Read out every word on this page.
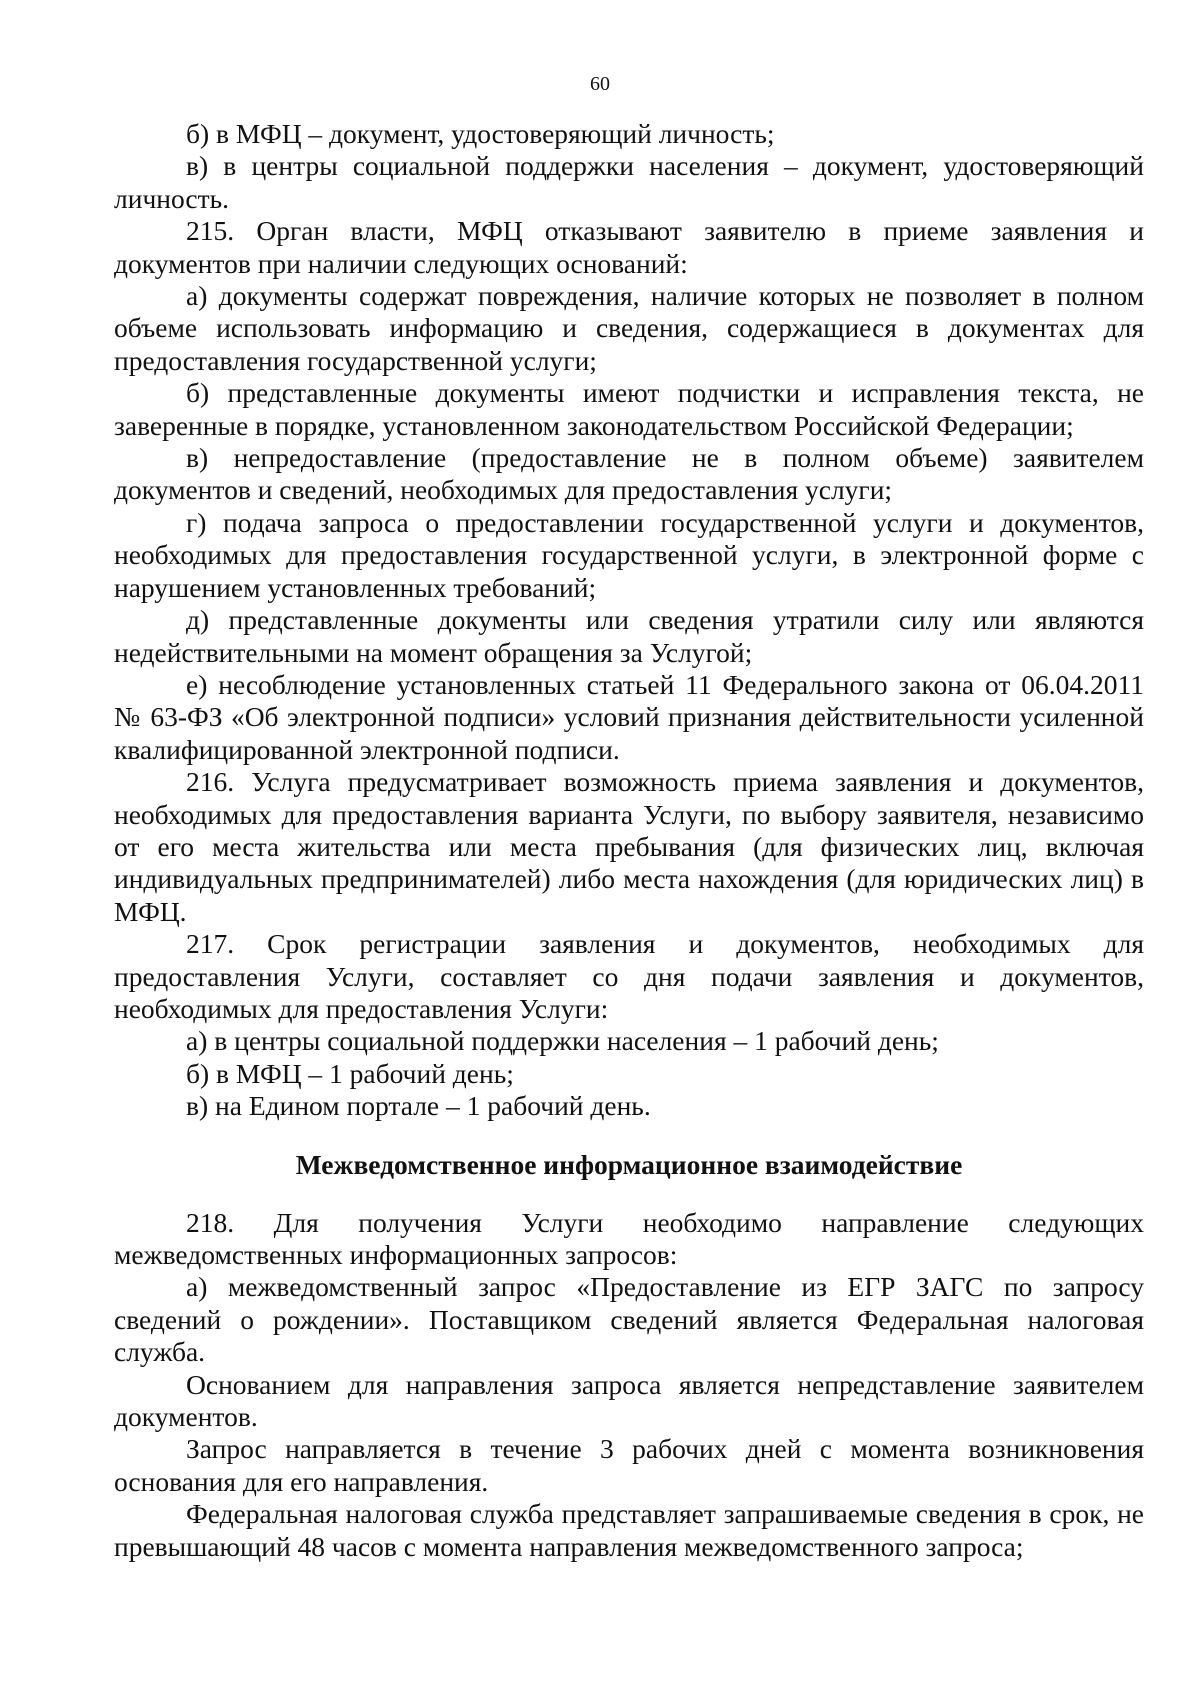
60

б) в МФЦ – документ, удостоверяющий личность;

в) в центры социальной поддержки населения – документ, удостоверяющий личность.

215. Орган власти, МФЦ отказывают заявителю в приеме заявления и документов при наличии следующих оснований:

а) документы содержат повреждения, наличие которых не позволяет в полном объеме использовать информацию и сведения, содержащиеся в документах для предоставления государственной услуги;

б) представленные документы имеют подчистки и исправления текста, не заверенные в порядке, установленном законодательством Российской Федерации;

в) непредоставление (предоставление не в полном объеме) заявителем документов и сведений, необходимых для предоставления услуги;

г) подача запроса о предоставлении государственной услуги и документов, необходимых для предоставления государственной услуги, в электронной форме с нарушением установленных требований;

д) представленные документы или сведения утратили силу или являются недействительными на момент обращения за Услугой;

е) несоблюдение установленных статьей 11 Федерального закона от 06.04.2011 № 63-ФЗ «Об электронной подписи» условий признания действительности усиленной квалифицированной электронной подписи.

216. Услуга предусматривает возможность приема заявления и документов, необходимых для предоставления варианта Услуги, по выбору заявителя, независимо от его места жительства или места пребывания (для физических лиц, включая индивидуальных предпринимателей) либо места нахождения (для юридических лиц) в МФЦ.

217. Срок регистрации заявления и документов, необходимых для предоставления Услуги, составляет со дня подачи заявления и документов, необходимых для предоставления Услуги:

а) в центры социальной поддержки населения – 1 рабочий день;

б) в МФЦ – 1 рабочий день;

в) на Едином портале – 1 рабочий день.

Межведомственное информационное взаимодействие

218. Для получения Услуги необходимо направление следующих межведомственных информационных запросов:

а) межведомственный запрос «Предоставление из ЕГР ЗАГС по запросу сведений о рождении». Поставщиком сведений является Федеральная налоговая служба.

Основанием для направления запроса является непредставление заявителем документов.

Запрос направляется в течение 3 рабочих дней с момента возникновения основания для его направления.

Федеральная налоговая служба представляет запрашиваемые сведения в срок, не превышающий 48 часов с момента направления межведомственного запроса;
